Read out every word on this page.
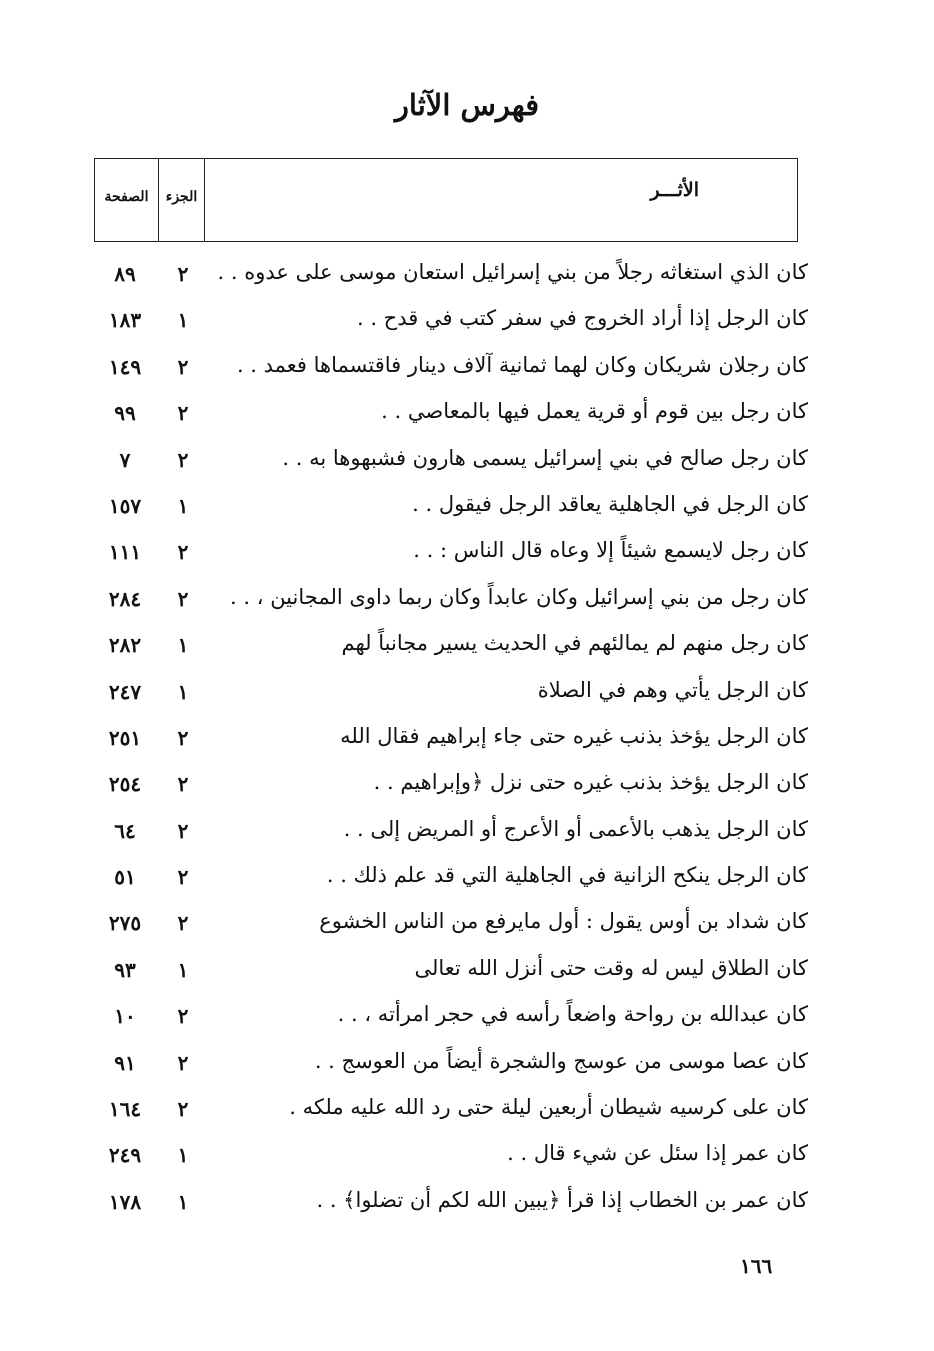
فهرس الآثار
الصفحة	الجزء	الأثـــر
كان الذي استغاثه رجلاً من بني إسرائيل استعان موسى على عدوه . .
٢
٨٩
كان الرجل إذا أراد الخروج في سفر كتب في قدح . .
١
١٨٣
كان رجلان شريكان وكان لهما ثمانية آلاف دينار فاقتسماها فعمد . .
٢
١٤٩
كان رجل بين قوم أو قرية يعمل فيها بالمعاصي . .
٢
٩٩
كان رجل صالح في بني إسرائيل يسمى هارون فشبهوها به . .
٢
٧
كان الرجل في الجاهلية يعاقد الرجل فيقول . .
١
١٥٧
كان رجل لايسمع شيئاً إلا وعاه قال الناس : . .
٢
١١١
كان رجل من بني إسرائيل وكان عابداً وكان ربما داوى المجانين ، . .
٢
٢٨٤
كان رجل منهم لم يمالئهم في الحديث يسير مجانباً لهم
١
٢٨٢
كان الرجل يأتي وهم في الصلاة
١
٢٤٧
كان الرجل يؤخذ بذنب غيره حتى جاء إبراهيم فقال الله
٢
٢٥١
كان الرجل يؤخذ بذنب غيره حتى نزل ﴿وإبراهيم . .
٢
٢٥٤
كان الرجل يذهب بالأعمى أو الأعرج أو المريض إلى . .
٢
٦٤
كان الرجل ينكح الزانية في الجاهلية التي قد علم ذلك . .
٢
٥١
كان شداد بن أوس يقول : أول مايرفع من الناس الخشوع
٢
٢٧٥
كان الطلاق ليس له وقت حتى أنزل الله تعالى
١
٩٣
كان عبدالله بن رواحة واضعاً رأسه في حجر امرأته ، . .
٢
١٠
كان عصا موسى من عوسج والشجرة أيضاً من العوسج . .
٢
٩١
كان على كرسيه شيطان أربعين ليلة حتى رد الله عليه ملكه .
٢
١٦٤
كان عمر إذا سئل عن شيء قال . .
١
٢٤٩
كان عمر بن الخطاب إذا قرأ ﴿يبين الله لكم أن تضلوا﴾ . .
١
١٧٨
١٦٦
